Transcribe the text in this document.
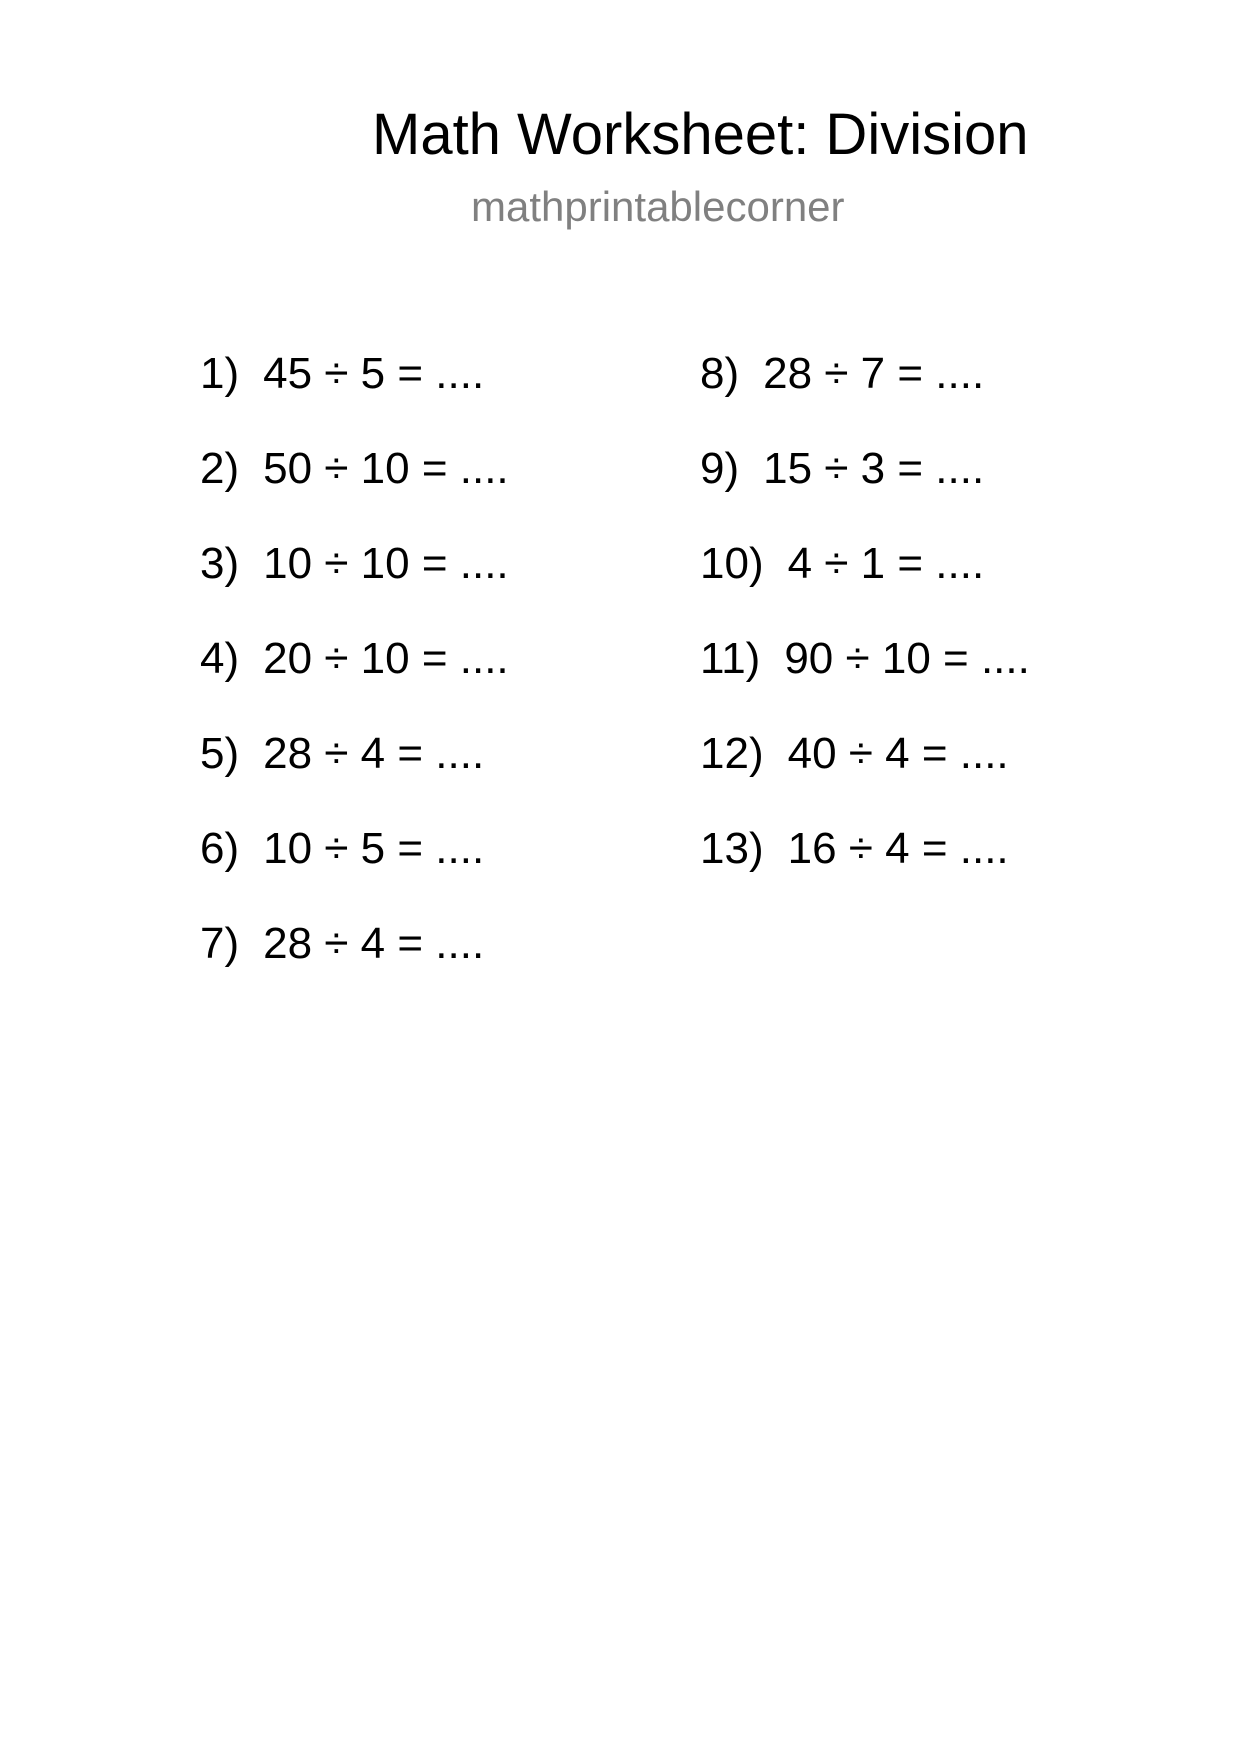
Math Worksheet: Division
mathprintablecorner
1) 45 ÷ 5 = ....
2) 50 ÷ 10 = ....
3) 10 ÷ 10 = ....
4) 20 ÷ 10 = ....
5) 28 ÷ 4 = ....
6) 10 ÷ 5 = ....
7) 28 ÷ 4 = ....
8) 28 ÷ 7 = ....
9) 15 ÷ 3 = ....
10) 4 ÷ 1 = ....
11) 90 ÷ 10 = ....
12) 40 ÷ 4 = ....
13) 16 ÷ 4 = ....
